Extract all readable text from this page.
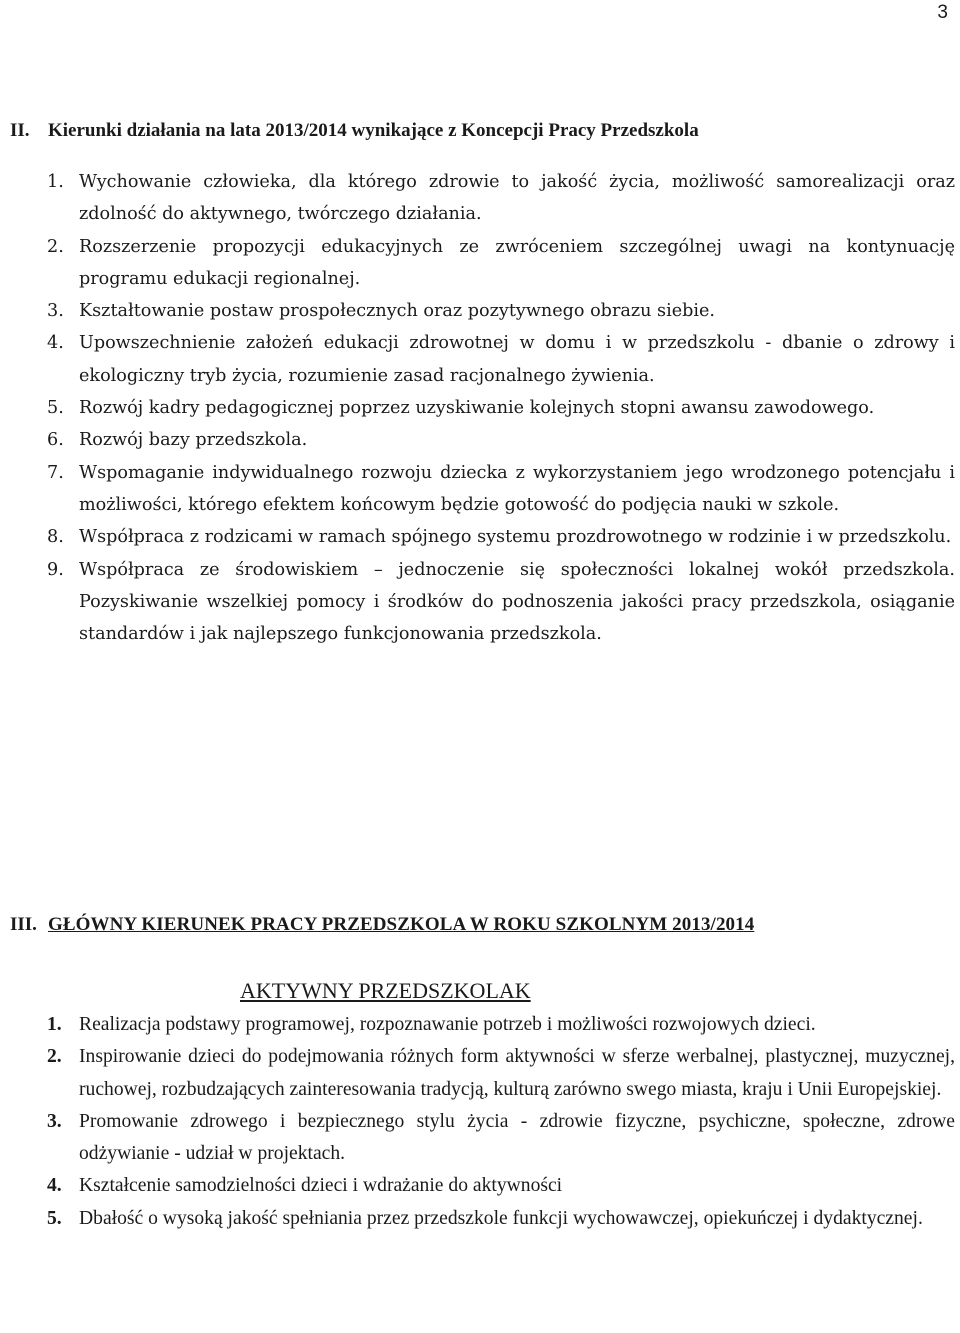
3
II. Kierunki działania na lata 2013/2014 wynikające z Koncepcji Pracy Przedszkola
1. Wychowanie człowieka, dla którego zdrowie to jakość życia, możliwość samorealizacji oraz zdolność do aktywnego, twórczego działania.
2. Rozszerzenie propozycji edukacyjnych ze zwróceniem szczególnej uwagi na kontynuację programu edukacji regionalnej.
3. Kształtowanie postaw prospołecznych oraz pozytywnego obrazu siebie.
4. Upowszechnienie założeń edukacji zdrowotnej w domu i w przedszkolu - dbanie o zdrowy i ekologiczny tryb życia, rozumienie zasad racjonalnego żywienia.
5. Rozwój kadry pedagogicznej poprzez uzyskiwanie kolejnych stopni awansu zawodowego.
6. Rozwój bazy przedszkola.
7. Wspomaganie indywidualnego rozwoju dziecka z wykorzystaniem jego wrodzonego potencjału i możliwości, którego efektem końcowym będzie gotowość do podjęcia nauki w szkole.
8. Współpraca z rodzicami w ramach spójnego systemu prozdrowotnego w rodzinie i w przedszkolu.
9. Współpraca ze środowiskiem – jednoczenie się społeczności lokalnej wokół przedszkola. Pozyskiwanie wszelkiej pomocy i środków do podnoszenia jakości pracy przedszkola, osiąganie standardów i jak najlepszego funkcjonowania przedszkola.
III. GŁÓWNY KIERUNEK PRACY PRZEDSZKOLA W ROKU SZKOLNYM 2013/2014
AKTYWNY PRZEDSZKOLAK
1. Realizacja podstawy programowej, rozpoznawanie potrzeb i możliwości rozwojowych dzieci.
2. Inspirowanie dzieci do podejmowania różnych form aktywności w sferze werbalnej, plastycznej, muzycznej, ruchowej, rozbudzających zainteresowania tradycją, kulturą zarówno swego miasta, kraju i Unii Europejskiej.
3. Promowanie zdrowego i bezpiecznego stylu życia - zdrowie fizyczne, psychiczne, społeczne, zdrowe odżywianie - udział w projektach.
4. Kształcenie samodzielności dzieci i wdrażanie do aktywności
5. Dbałość o wysoką jakość spełniania przez przedszkole funkcji wychowawczej, opiekuńczej i dydaktycznej.
